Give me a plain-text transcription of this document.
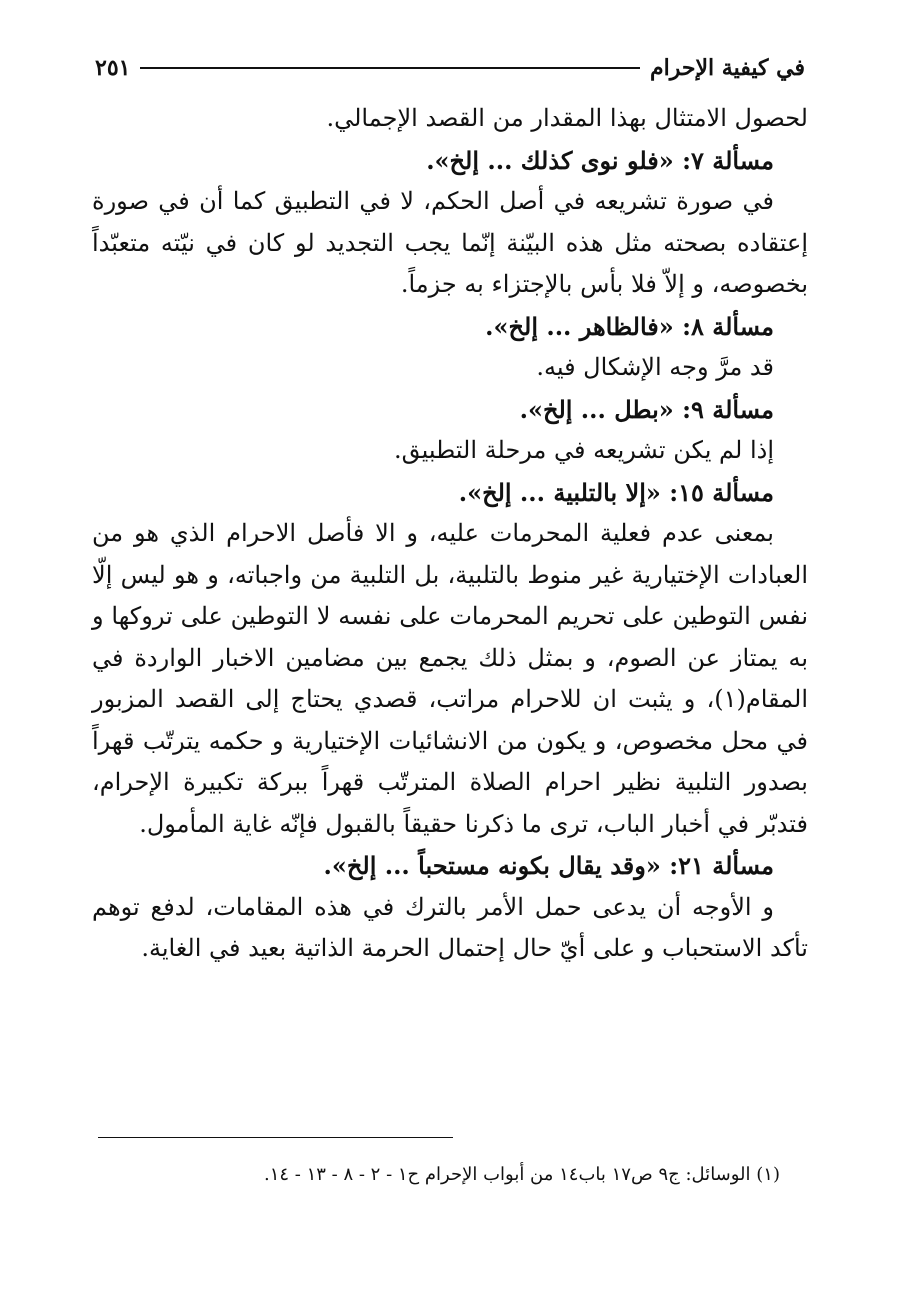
في كيفية الإحرام
٢٥١

لحصول الامتثال بهذا المقدار من القصد الإجمالي.

مسألة ٧: «فلو نوى كذلك ... إلخ».

في صورة تشريعه في أصل الحكم، لا في التطبيق كما أن في صورة إعتقاده بصحته مثل هذه البيّنة إنّما يجب التجديد لو كان في نيّته متعبّداً بخصوصه، و إلاّ فلا بأس بالإجتزاء به جزماً.

مسألة ٨: «فالظاهر ... إلخ».

قد مرَّ وجه الإشكال فيه.

مسألة ٩: «بطل ... إلخ».

إذا لم يكن تشريعه في مرحلة التطبيق.

مسألة ١٥: «إلا بالتلبية ... إلخ».

بمعنى عدم فعلية المحرمات عليه، و الا فأصل الاحرام الذي هو من العبادات الإختيارية غير منوط بالتلبية، بل التلبية من واجباته، و هو ليس إلّا نفس التوطين على تحريم المحرمات على نفسه لا التوطين على تروكها و به يمتاز عن الصوم، و بمثل ذلك يجمع بين مضامين الاخبار الواردة في المقام(١)، و يثبت ان للاحرام مراتب، قصدي يحتاج إلى القصد المزبور في محل مخصوص، و يكون من الانشائيات الإختيارية و حكمه يترتّب قهراً بصدور التلبية نظير احرام الصلاة المترتّب قهراً ببركة تكبيرة الإحرام، فتدبّر في أخبار الباب، ترى ما ذكرنا حقيقاً بالقبول فإنّه غاية المأمول.

مسألة ٢١: «وقد يقال بكونه مستحباً ... إلخ».

و الأوجه أن يدعى حمل الأمر بالترك في هذه المقامات، لدفع توهم تأكد الاستحباب و على أيّ حال إحتمال الحرمة الذاتية بعيد في الغاية.

(١) الوسائل: ج٩ ص١٧ باب١٤ من أبواب الإحرام ح١ - ٢ - ٨ - ١٣ - ١٤.
